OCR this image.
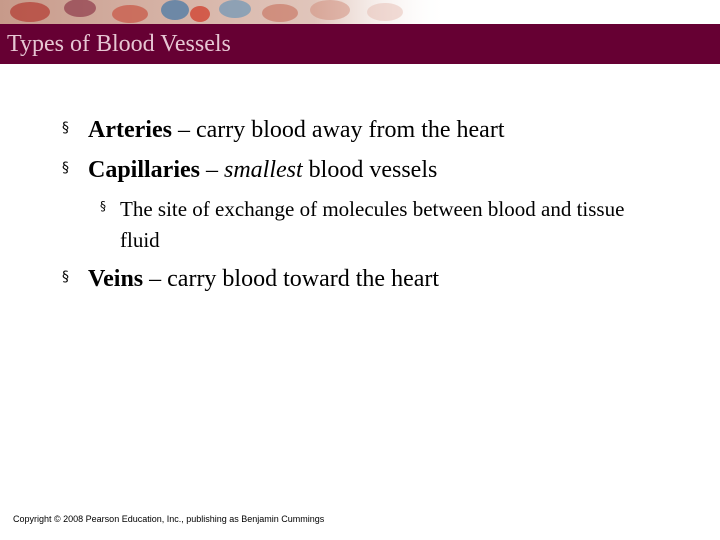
Types of Blood Vessels
§ Arteries – carry blood away from the heart
§ Capillaries – smallest blood vessels
§ The site of exchange of molecules between blood and tissue fluid
§ Veins – carry blood toward the heart
Copyright © 2008 Pearson Education, Inc., publishing as Benjamin Cummings
